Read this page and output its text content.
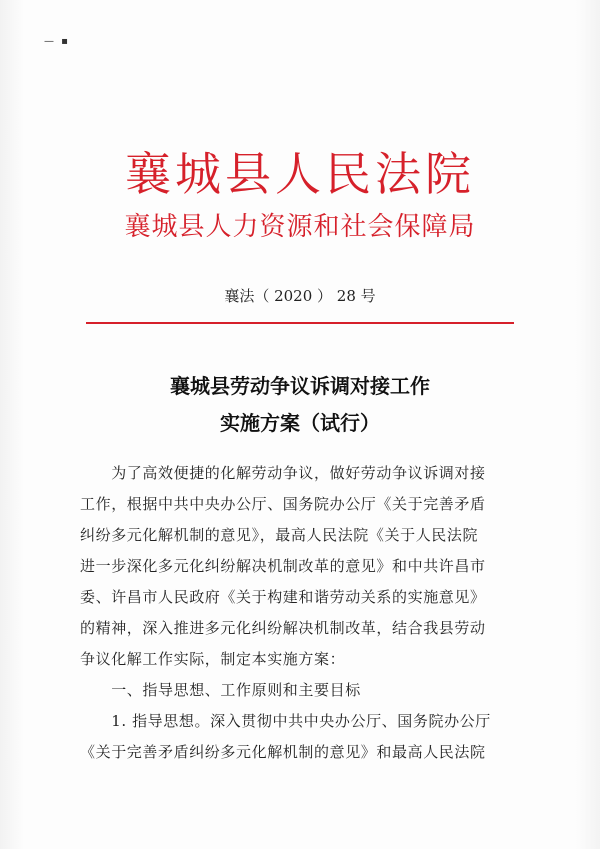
— ▪
襄城县人民法院
襄城县人力资源和社会保障局
襄法（ 2020 ） 28 号
襄城县劳动争议诉调对接工作
实施方案（试行）
　　为了高效便捷的化解劳动争议，做好劳动争议诉调对接
工作，根据中共中央办公厅、国务院办公厅《关于完善矛盾
纠纷多元化解机制的意见》，最高人民法院《关于人民法院
进一步深化多元化纠纷解决机制改革的意见》和中共许昌市
委、许昌市人民政府《关于构建和谐劳动关系的实施意见》
的精神，深入推进多元化纠纷解决机制改革，结合我县劳动
争议化解工作实际，制定本实施方案：
　　一、指导思想、工作原则和主要目标
　　1. 指导思想。深入贯彻中共中央办公厅、国务院办公厅
《关于完善矛盾纠纷多元化解机制的意见》和最高人民法院
